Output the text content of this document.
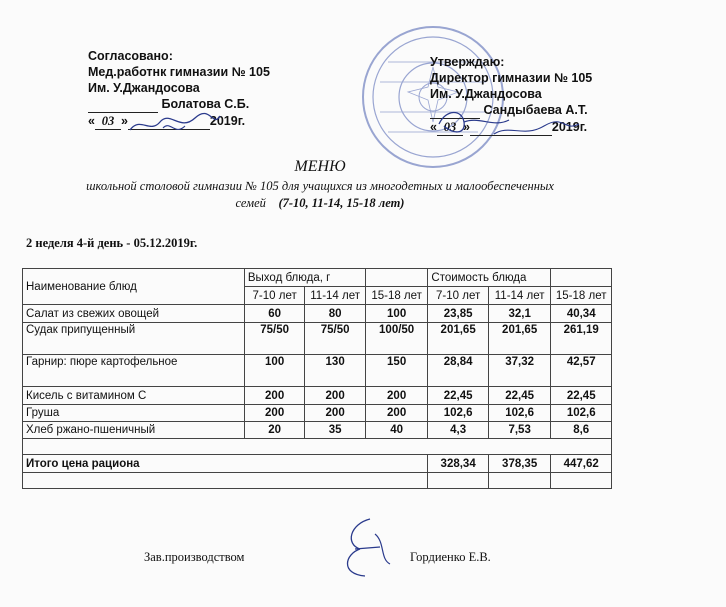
Согласовано:
Мед.работнк гимназии № 105
Им. У.Джандосова
Болатова С.Б.
« 03 »	2019г.
Утверждаю:
Директор гимназии № 105
Им. У.Джандосова
Сандыбаева А.Т.
« 03 »	2019г.
МЕНЮ
школьной столовой гимназии № 105 для учащихся из многодетных и малообеспеченных
семей (7-10, 11-14, 15-18 лет)
2 неделя 4-й день - 05.12.2019г.
Наименование блюд	Выход блюда, г			Стоимость блюда		
	7-10 лет	11-14 лет	15-18 лет	7-10 лет	11-14 лет	15-18 лет
Салат из свежих овощей	60	80	100	23,85	32,1	40,34
Судак припущенный	75/50	75/50	100/50	201,65	201,65	261,19
Гарнир: пюре картофельное	100	130	150	28,84	37,32	42,57
Кисель с витамином С	200	200	200	22,45	22,45	22,45
Груша	200	200	200	102,6	102,6	102,6
Хлеб ржано-пшеничный	20	35	40	4,3	7,53	8,6

Итого цена рациона				328,34	378,35	447,62

Зав.производством	Гордиенко Е.В.
